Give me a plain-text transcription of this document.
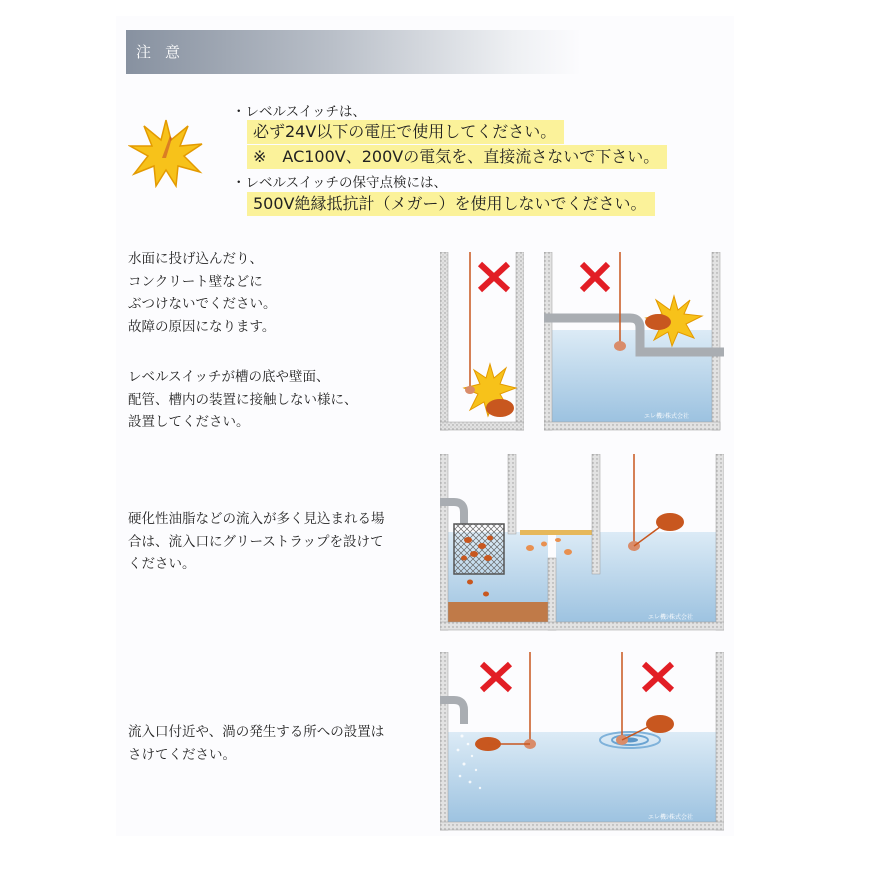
注意
・レベルスイッチは、
必ず24V以下の電圧で使用してください。
※　AC100V、200Vの電気を、直接流さないで下さい。
・レベルスイッチの保守点検には、
500V絶縁抵抗計（メガー）を使用しないでください。
水面に投げ込んだり、
コンクリート壁などに
ぶつけないでください。
故障の原因になります。
レベルスイッチが槽の底や壁面、
配管、槽内の装置に接触しない様に、
設置してください。
硬化性油脂などの流入が多く見込まれる場
合は、流入口にグリーストラップを設けて
ください。
流入口付近や、渦の発生する所への設置は
さけてください。
エレ機ｼ株式会社
エレ機ｼ株式会社
エレ機ｼ株式会社
